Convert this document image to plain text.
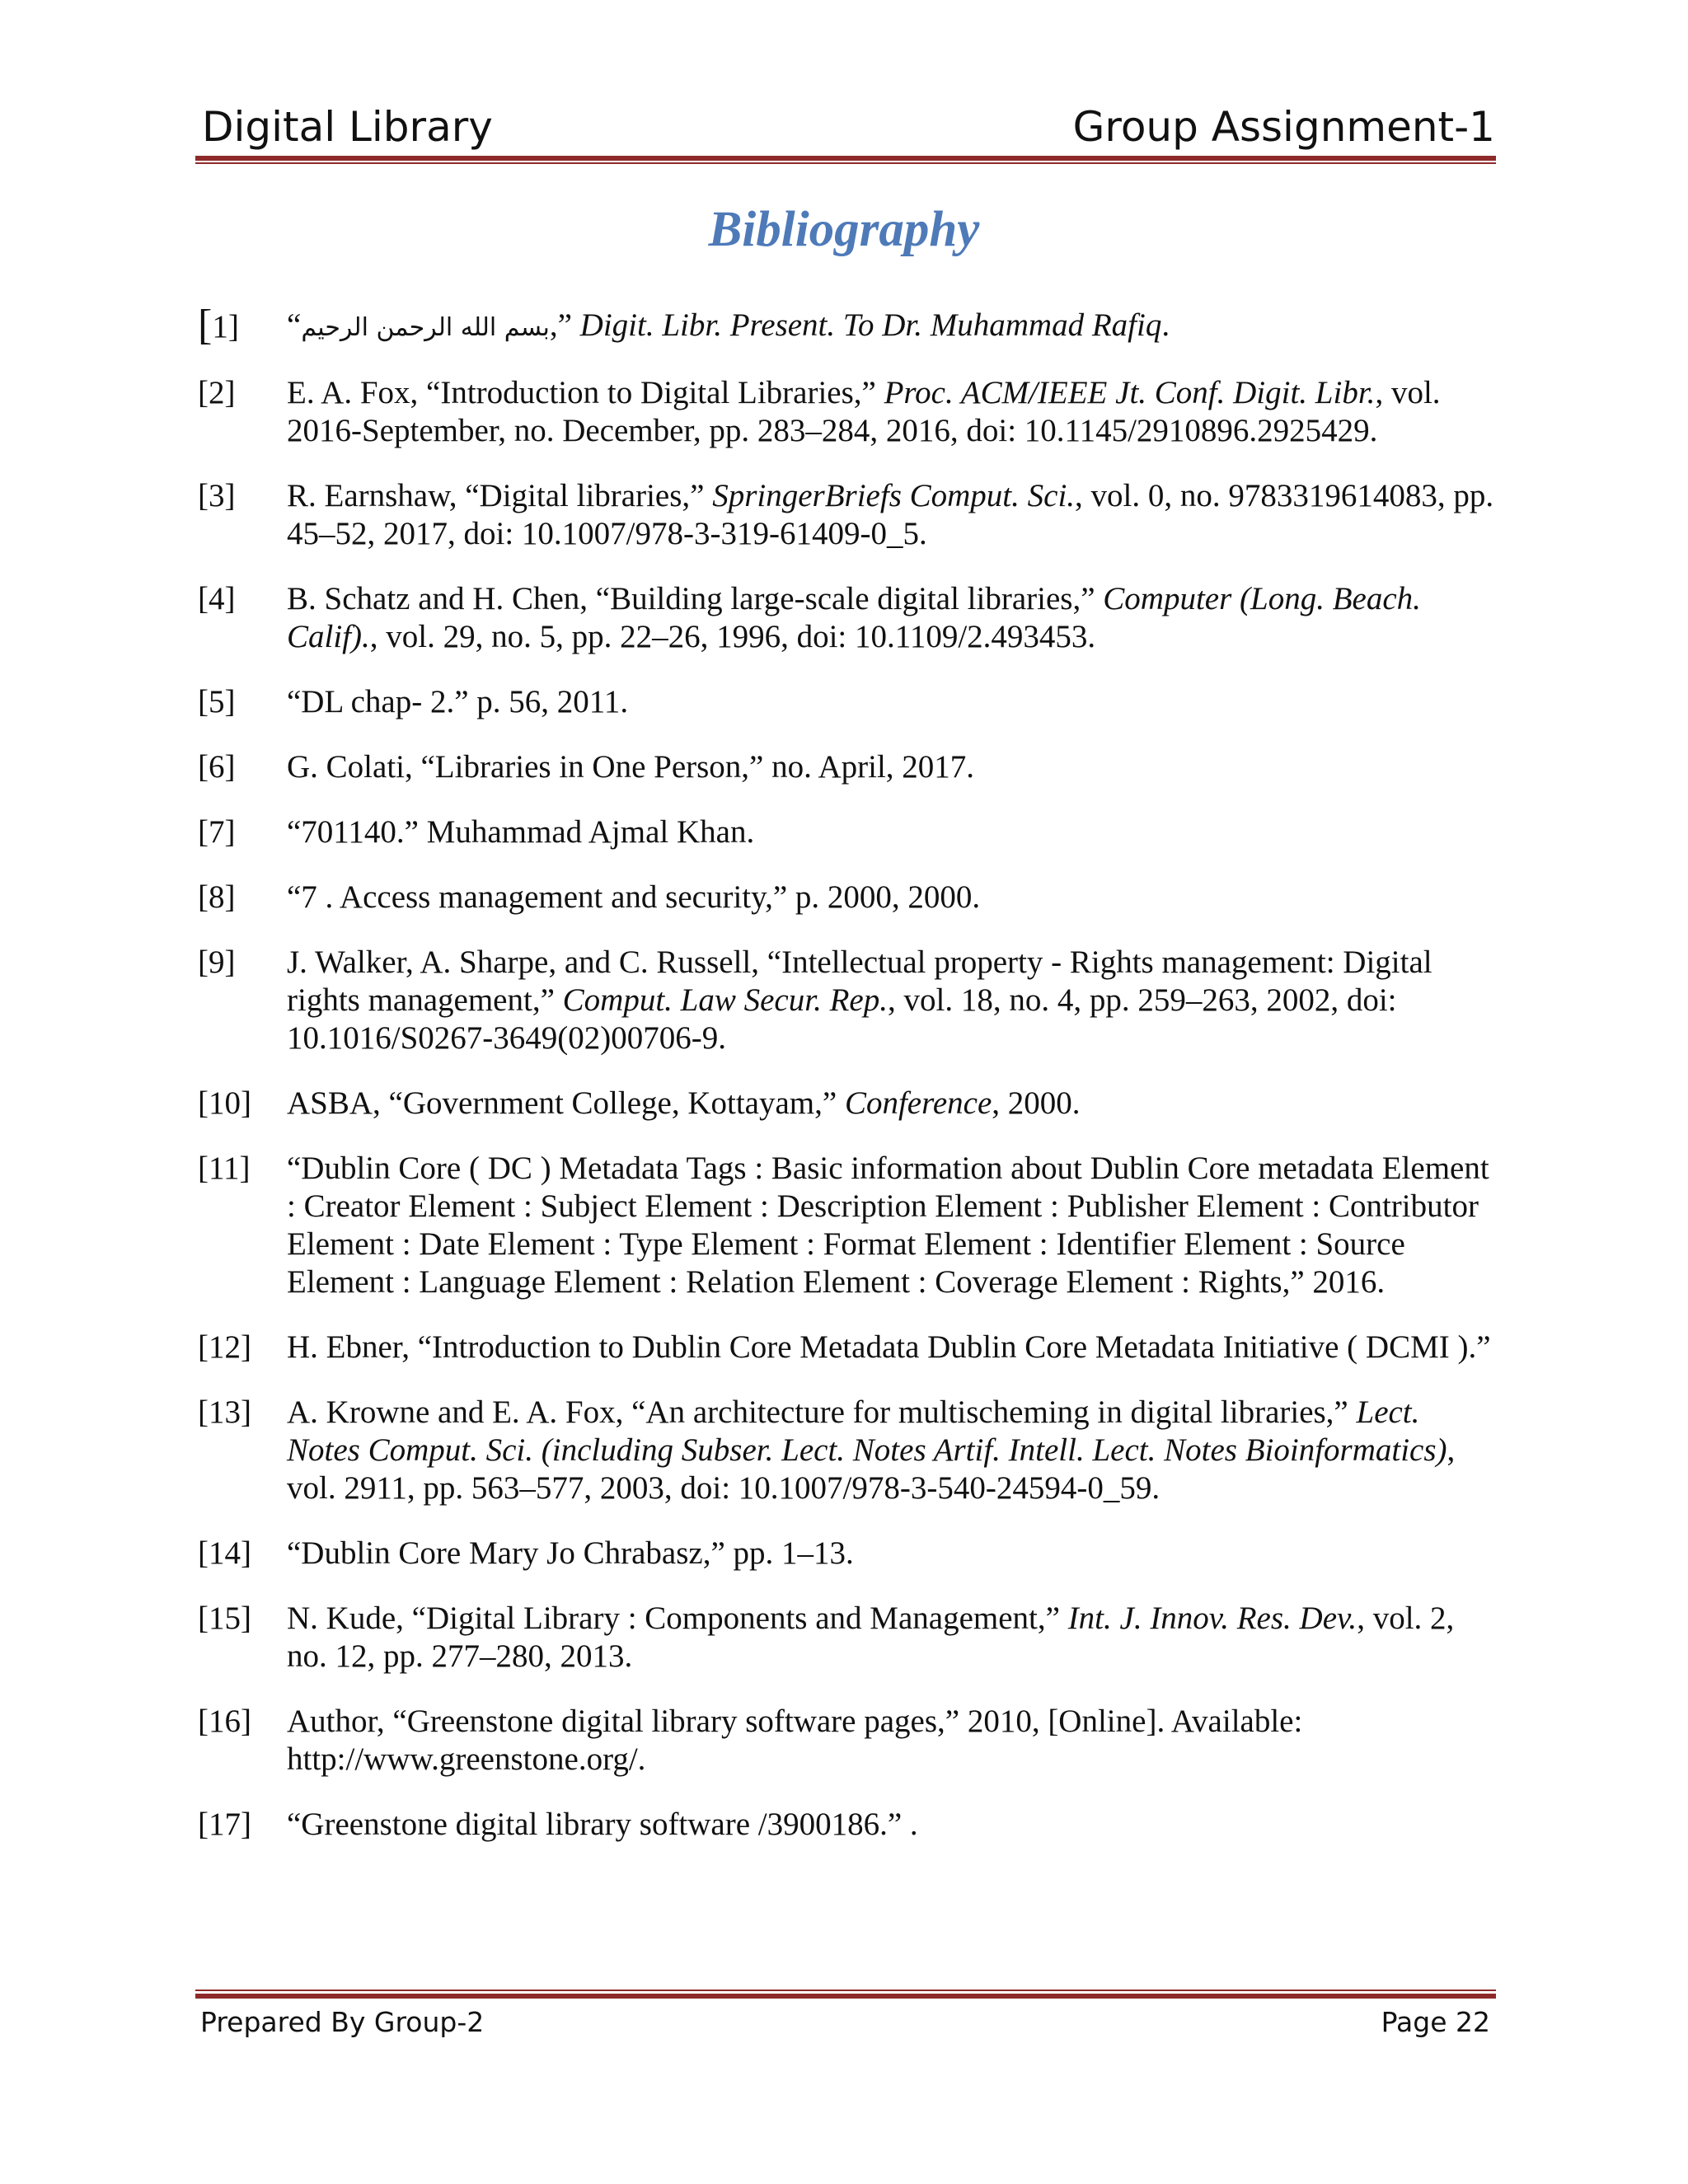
Digital Library	Group Assignment-1
Bibliography
[1]	“بسم الله الرحمن الرحيم,” Digit. Libr. Present. To Dr. Muhammad Rafiq.
[2]	E. A. Fox, “Introduction to Digital Libraries,” Proc. ACM/IEEE Jt. Conf. Digit. Libr., vol. 2016-September, no. December, pp. 283–284, 2016, doi: 10.1145/2910896.2925429.
[3]	R. Earnshaw, “Digital libraries,” SpringerBriefs Comput. Sci., vol. 0, no. 9783319614083, pp. 45–52, 2017, doi: 10.1007/978-3-319-61409-0_5.
[4]	B. Schatz and H. Chen, “Building large-scale digital libraries,” Computer (Long. Beach. Calif)., vol. 29, no. 5, pp. 22–26, 1996, doi: 10.1109/2.493453.
[5]	“DL chap- 2.” p. 56, 2011.
[6]	G. Colati, “Libraries in One Person,” no. April, 2017.
[7]	“701140.” Muhammad Ajmal Khan.
[8]	“7 . Access management and security,” p. 2000, 2000.
[9]	J. Walker, A. Sharpe, and C. Russell, “Intellectual property - Rights management: Digital rights management,” Comput. Law Secur. Rep., vol. 18, no. 4, pp. 259–263, 2002, doi: 10.1016/S0267-3649(02)00706-9.
[10]	ASBA, “Government College, Kottayam,” Conference, 2000.
[11]	“Dublin Core ( DC ) Metadata Tags : Basic information about Dublin Core metadata Element : Creator Element : Subject Element : Description Element : Publisher Element : Contributor Element : Date Element : Type Element : Format Element : Identifier Element : Source Element : Language Element : Relation Element : Coverage Element : Rights,” 2016.
[12]	H. Ebner, “Introduction to Dublin Core Metadata Dublin Core Metadata Initiative ( DCMI ).”
[13]	A. Krowne and E. A. Fox, “An architecture for multischeming in digital libraries,” Lect. Notes Comput. Sci. (including Subser. Lect. Notes Artif. Intell. Lect. Notes Bioinformatics), vol. 2911, pp. 563–577, 2003, doi: 10.1007/978-3-540-24594-0_59.
[14]	“Dublin Core Mary Jo Chrabasz,” pp. 1–13.
[15]	N. Kude, “Digital Library : Components and Management,” Int. J. Innov. Res. Dev., vol. 2, no. 12, pp. 277–280, 2013.
[16]	Author, “Greenstone digital library software pages,” 2010, [Online]. Available: http://www.greenstone.org/.
[17]	“Greenstone digital library software /3900186.” .
Prepared By Group-2	Page 22
